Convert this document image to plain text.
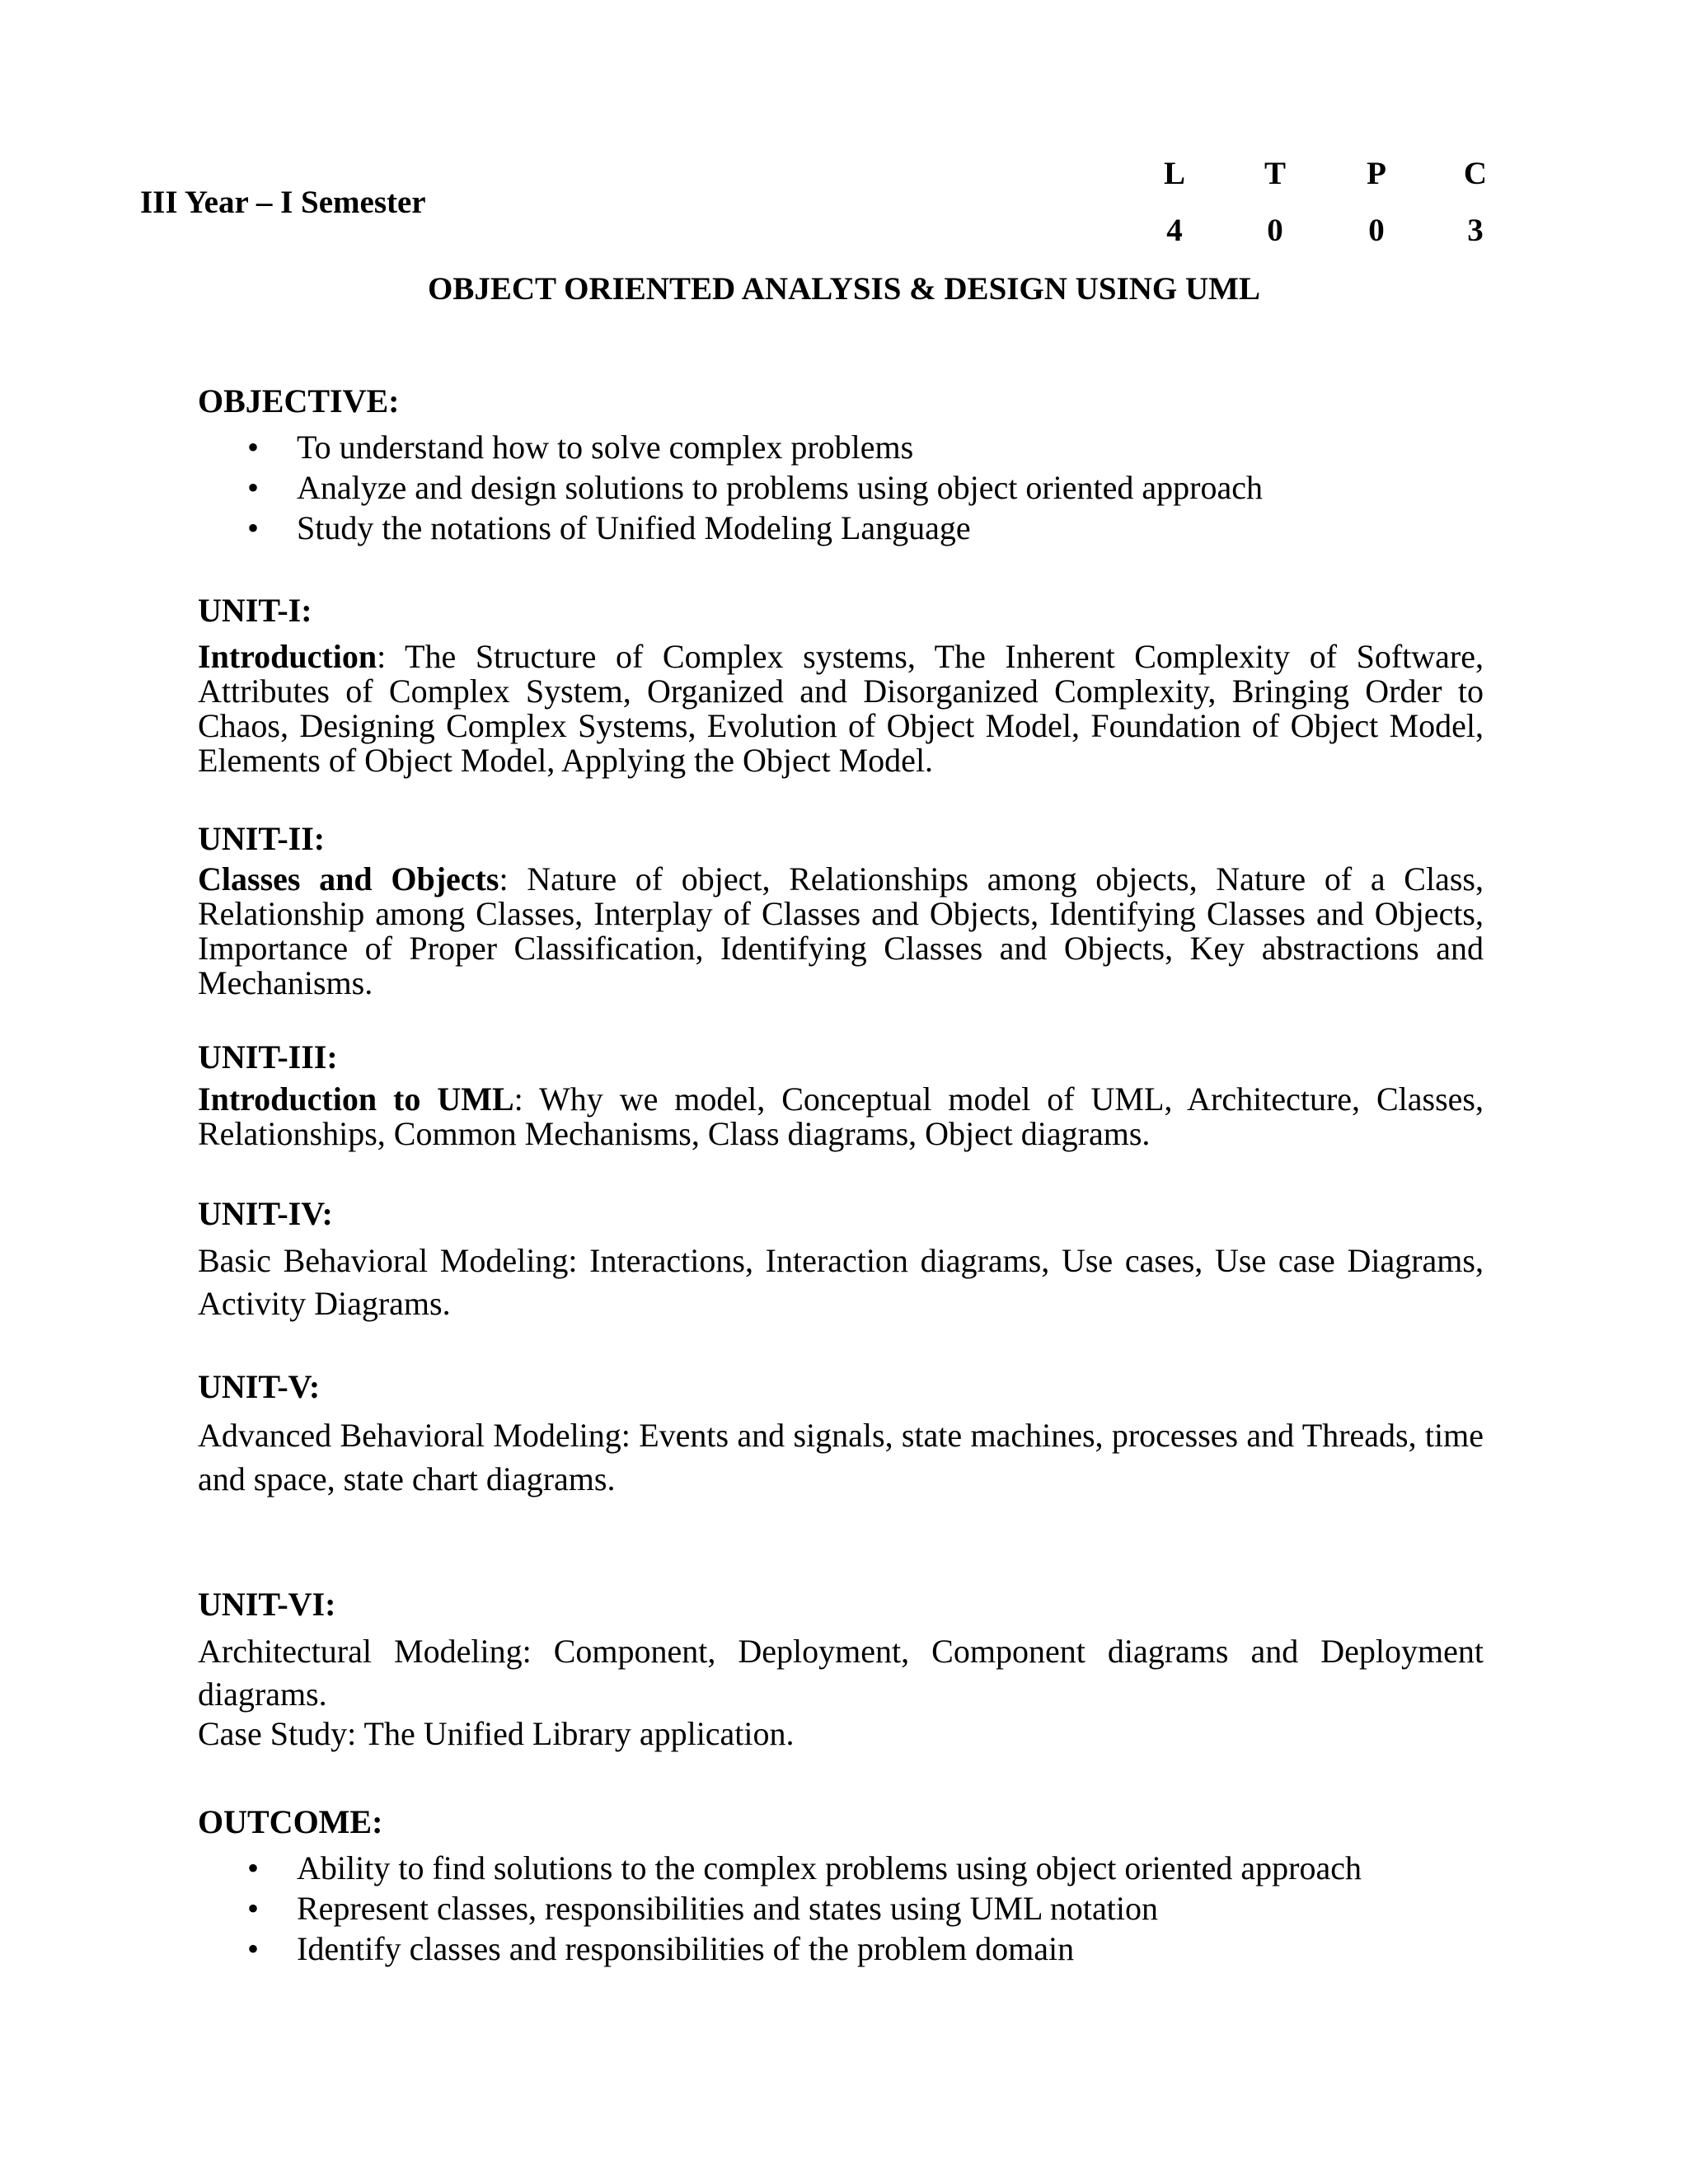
III Year – I Semester
L	T	P	C
4	0	0	3
OBJECT ORIENTED ANALYSIS & DESIGN USING UML
OBJECTIVE:
• To understand how to solve complex problems
• Analyze and design solutions to problems using object oriented approach
• Study the notations of Unified Modeling Language
UNIT-I:
Introduction: The Structure of Complex systems, The Inherent Complexity of Software, Attributes of Complex System, Organized and Disorganized Complexity, Bringing Order to Chaos, Designing Complex Systems, Evolution of Object Model, Foundation of Object Model, Elements of Object Model, Applying the Object Model.
UNIT-II:
Classes and Objects: Nature of object, Relationships among objects, Nature of a Class, Relationship among Classes, Interplay of Classes and Objects, Identifying Classes and Objects, Importance of Proper Classification, Identifying Classes and Objects, Key abstractions and Mechanisms.
UNIT-III:
Introduction to UML: Why we model, Conceptual model of UML, Architecture, Classes, Relationships, Common Mechanisms, Class diagrams, Object diagrams.
UNIT-IV:
Basic Behavioral Modeling: Interactions, Interaction diagrams, Use cases, Use case Diagrams, Activity Diagrams.
UNIT-V:
Advanced Behavioral Modeling: Events and signals, state machines, processes and Threads, time and space, state chart diagrams.
UNIT-VI:
Architectural Modeling: Component, Deployment, Component diagrams and Deployment diagrams.
Case Study: The Unified Library application.
OUTCOME:
• Ability to find solutions to the complex problems using object oriented approach
• Represent classes, responsibilities and states using UML notation
• Identify classes and responsibilities of the problem domain
